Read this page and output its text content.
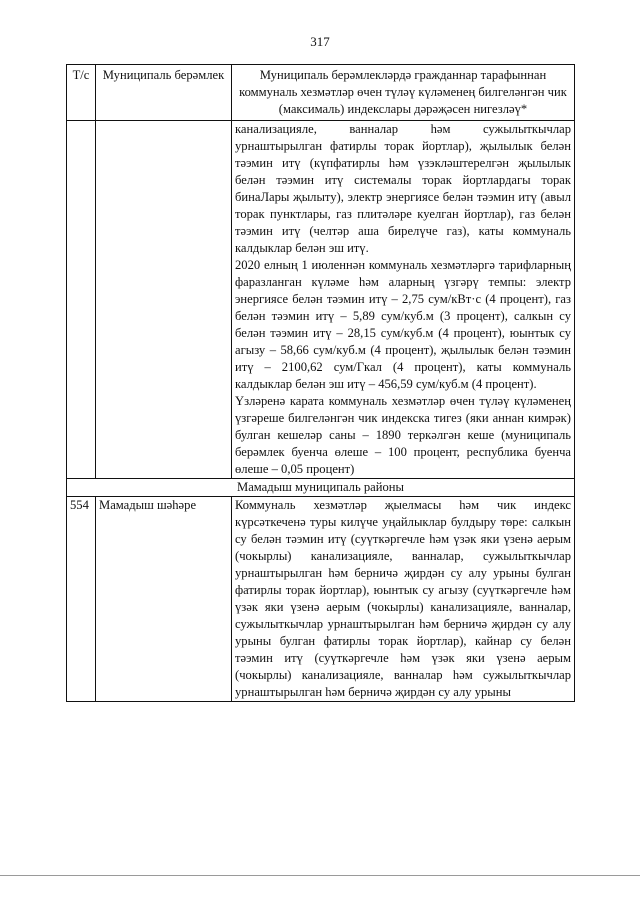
317
Т/с	Муниципаль берәмлек	Муниципаль берәмлекләрдә гражданнар тарафыннан коммуналь хезмәтләр өчен түләү күләменең билгеләнгән чик (максималь) индекслары дәрәҗәсен нигезләү*

		канализацияле, ванналар һәм сужылыткычлар урнаштырылган фатирлы торак йортлар), җылылык белән тәэмин итү (күпфатирлы һәм үзэкләштерелгән җылылык белән тәэмин итү системалы торак йортлардагы торак бинаЛары җылыту), электр энергиясе белән тәэмин итү (авыл торак пунктлары, газ плитәләре куелган йортлар), газ белән тәэмин итү (челтәр аша бирелүче газ), каты коммуналь калдыклар белән эш итү.

2020 елның 1 июленнән коммуналь хезмәтләргә тарифларның фаразланган күләме һәм аларның үзгәрү темпы: электр энергиясе белән тәэмин итү – 2,75 сум/кВт·с (4 процент), газ белән тәэмин итү – 5,89 сум/куб.м (3 процент), салкын су белән тәэмин итү – 28,15 сум/куб.м (4 процент), юынтык су агызу – 58,66 сум/куб.м (4 процент), җылылык белән тәэмин итү – 2100,62 сум/Гкал (4 процент), каты коммуналь калдыклар белән эш итү – 456,59 сум/куб.м (4 процент).

Үзләренә карата коммуналь хезмәтләр өчен түләү күләменең үзгәреше билгеләнгән чик индекска тигез (яки аннан кимрәк) булган кешеләр саны – 1890 теркәлгән кеше (муниципаль берәмлек буенча өлеше – 100 процент, республика буенча өлеше – 0,05 процент)

Мамадыш муниципаль районы		
554	Мамадыш шәһәре	Коммуналь хезмәтләр җыелмасы һәм чик индекс күрсәткеченә туры килүче уңайлыклар булдыру төре: салкын су белән тәэмин итү (суүткәргечле һәм үзәк яки үзенә аерым (чокырлы) канализацияле, ванналар, сужылыткычлар урнаштырылган һәм берничә җирдән су алу урыны булган фатирлы торак йортлар), юынтык су агызу (суүткәргечле һәм үзәк яки үзенә аерым (чокырлы) канализацияле, ванналар, сужылыткычлар урнаштырылган һәм берничә җирдән су алу урыны булган фатирлы торак йортлар), кайнар су белән тәэмин итү (суүткәргечле һәм үзәк яки үзенә аерым (чокырлы) канализацияле, ванналар һәм сужылыткычлар урнаштырылган һәм берничә җирдән су алу урыны
